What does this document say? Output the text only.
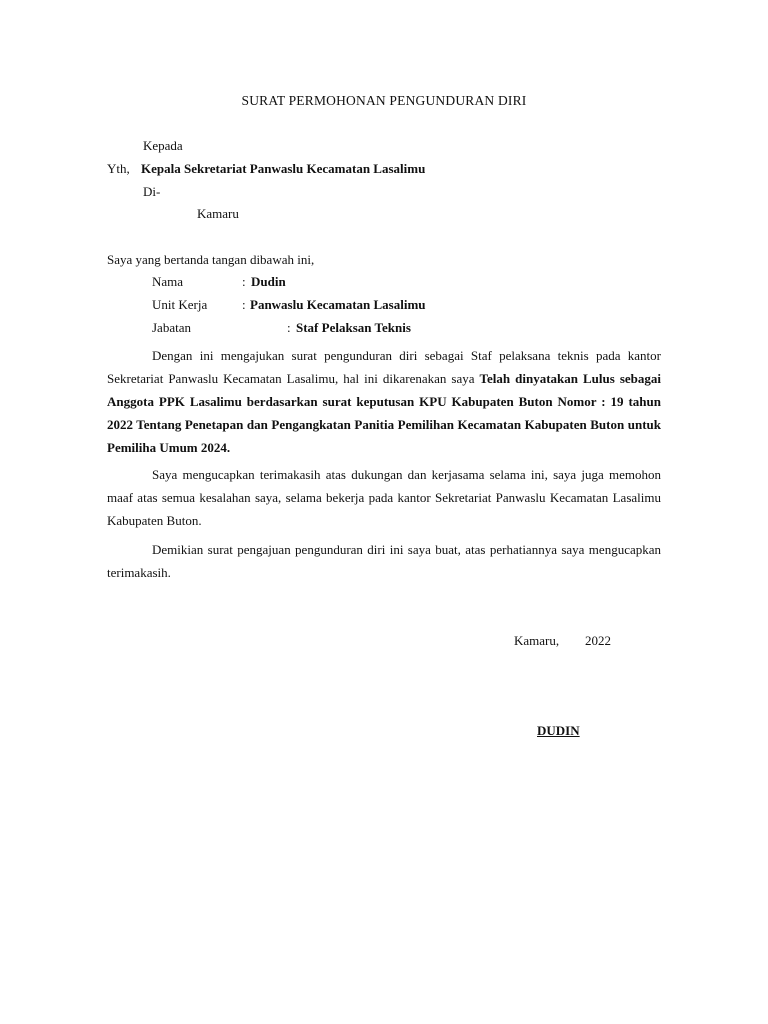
SURAT PERMOHONAN PENGUNDURAN DIRI
Kepada
Yth, Kepala Sekretariat Panwaslu Kecamatan Lasalimu
Di-
Kamaru
Saya yang bertanda tangan dibawah ini,
Nama	: Dudin
Unit Kerja	: Panwaslu Kecamatan Lasalimu
Jabatan	: Staf Pelaksan Teknis
Dengan ini mengajukan surat pengunduran diri sebagai Staf pelaksana teknis pada kantor Sekretariat Panwaslu Kecamatan Lasalimu, hal ini dikarenakan saya Telah dinyatakan Lulus sebagai Anggota PPK Lasalimu berdasarkan surat keputusan KPU Kabupaten Buton Nomor : 19 tahun 2022 Tentang Penetapan dan Pengangkatan Panitia Pemilihan Kecamatan Kabupaten Buton untuk Pemiliha Umum 2024.
Saya mengucapkan terimakasih atas dukungan dan kerjasama selama ini, saya juga memohon maaf atas semua kesalahan saya, selama bekerja pada kantor Sekretariat Panwaslu Kecamatan Lasalimu Kabupaten Buton.
Demikian surat pengajuan pengunduran diri ini saya buat, atas perhatiannya saya mengucapkan terimakasih.
Kamaru, 2022
DUDIN
